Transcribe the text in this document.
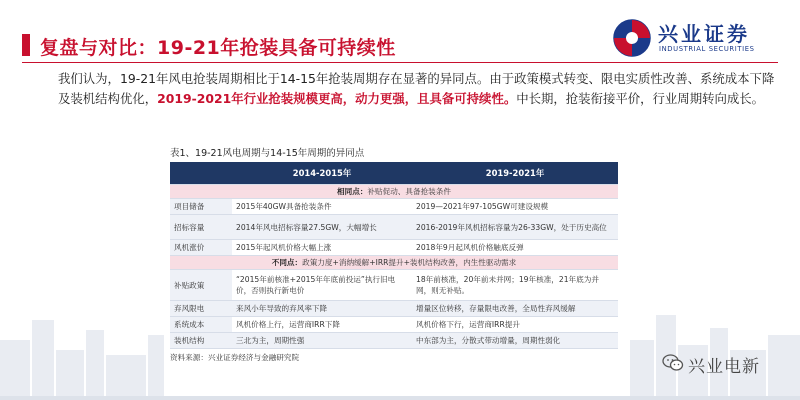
复盘与对比：19-21年抢装具备可持续性
兴业证券
INDUSTRIAL SECURITIES
我们认为，19-21年风电抢装周期相比于14-15年抢装周期存在显著的异同点。由于政策模式转变、限电实质性改善、系统成本下降及装机结构优化，2019-2021年行业抢装规模更高，动力更强，且具备可持续性。中长期，抢装衔接平价，行业周期转向成长。
表1、19-21风电周期与14-15年周期的异同点
	2014-2015年	2019-2021年
相同点：补贴促动、具备抢装条件		
项目储备	2015年40GW具备抢装条件	2019—2021年97-105GW可建设规模
招标容量	2014年风电招标容量27.5GW，大幅增长	2016-2019年风机招标容量为26-33GW，处于历史高位
风机涨价	2015年起风机价格大幅上涨	2018年9月起风机价格触底反弹
不同点：政策力度+消纳缓解+IRR提升+装机结构改善，内生性驱动需求		
补贴政策	“2015年前核准+2015年年底前投运”执行旧电价，否则执行新电价	18年前核准，20年前未并网；19年核准，21年底为并网，则无补贴。
弃风限电	来风小年导致的弃风率下降	增量区位转移，存量限电改善，全局性弃风缓解
系统成本	风机价格上行，运营商IRR下降	风机价格下行，运营商IRR提升
装机结构	三北为主，周期性强	中东部为主，分散式带动增量，周期性弱化
资料来源：兴业证券经济与金融研究院	兴业电新
